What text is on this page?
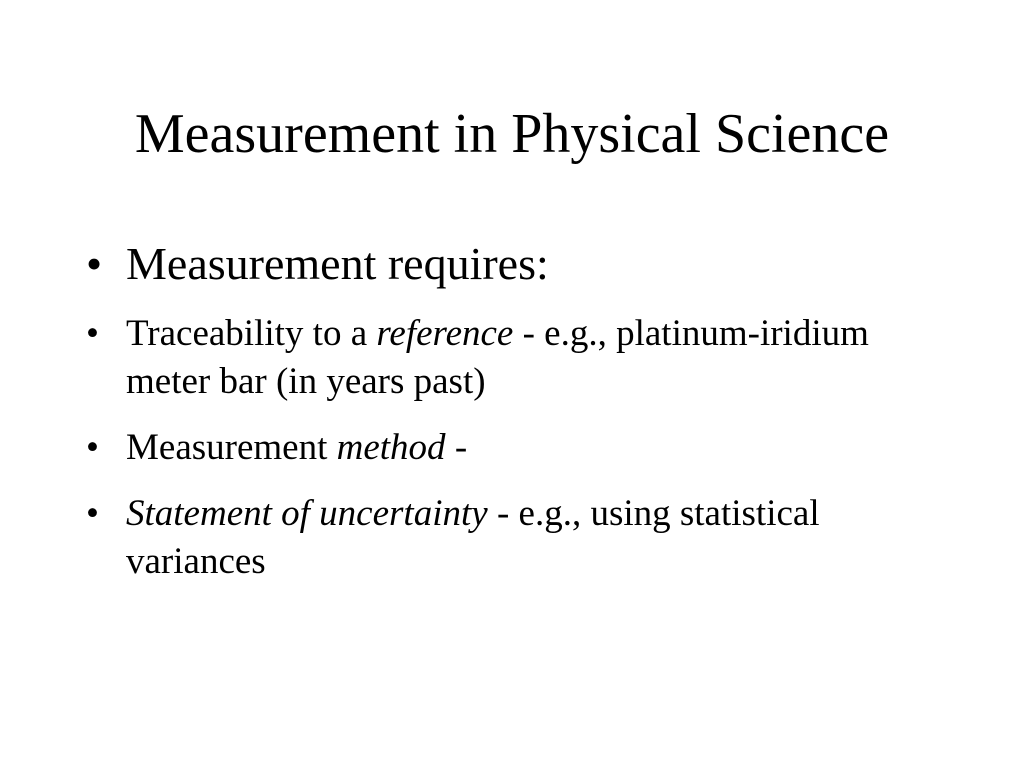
Measurement in Physical Science
• Measurement requires:
• Traceability to a reference - e.g., platinum-iridium meter bar (in years past)
• Measurement method -
• Statement of uncertainty - e.g., using statistical variances
